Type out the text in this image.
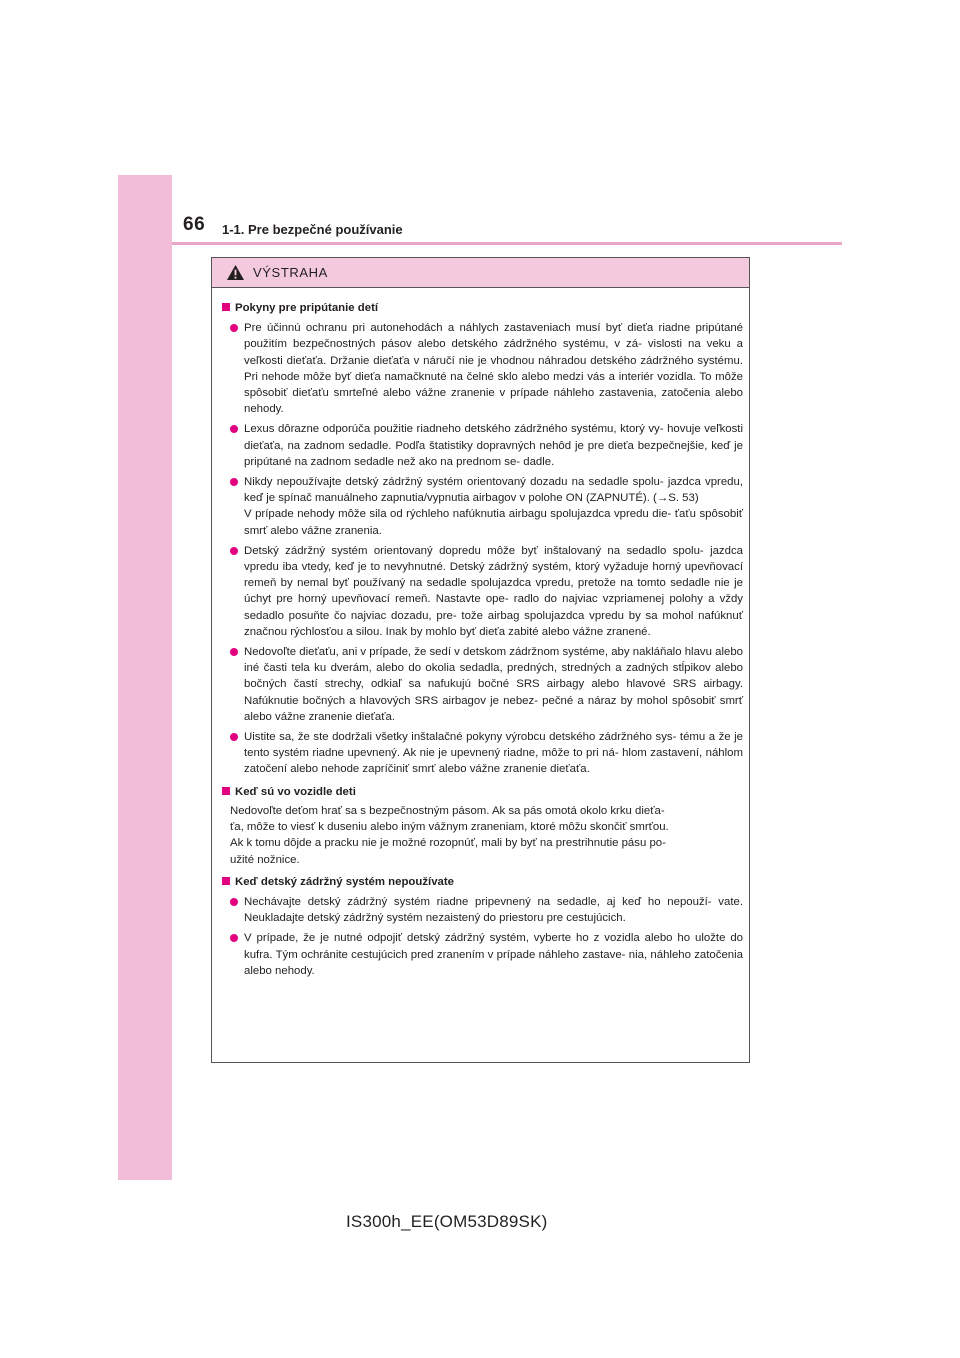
66 1-1. Pre bezpečné používanie
VÝSTRAHA
Pokyny pre pripútanie detí
Pre účinnú ochranu pri autonehodách a náhlych zastaveniach musí byť dieťa riadne pripútané použitím bezpečnostných pásov alebo detského zádržného systému, v zá- vislosti na veku a veľkosti dieťaťa. Držanie dieťaťa v náručí nie je vhodnou náhradou detského zádržného systému. Pri nehode môže byť dieťa namačknuté na čelné sklo alebo medzi vás a interiér vozidla. To môže spôsobiť dieťaťu smrteľné alebo vážne zranenie v prípade náhleho zastavenia, zatočenia alebo nehody.
Lexus dôrazne odporúča použitie riadneho detského zádržného systému, ktorý vy- hovuje veľkosti dieťaťa, na zadnom sedadle. Podľa štatistiky dopravných nehôd je pre dieťa bezpečnejšie, keď je pripútané na zadnom sedadle než ako na prednom se- dadle.
Nikdy nepoužívajte detský zádržný systém orientovaný dozadu na sedadle spolu- jazdca vpredu, keď je spínač manuálneho zapnutia/vypnutia airbagov v polohe ON (ZAPNUTÉ). (→S. 53)
V prípade nehody môže sila od rýchleho nafúknutia airbagu spolujazdca vpredu die- ťaťu spôsobiť smrť alebo vážne zranenia.
Detský zádržný systém orientovaný dopredu môže byť inštalovaný na sedadlo spolu- jazdca vpredu iba vtedy, keď je to nevyhnutné. Detský zádržný systém, ktorý vyžaduje horný upevňovací remeň by nemal byť používaný na sedadle spolujazdca vpredu, pretože na tomto sedadle nie je úchyt pre horný upevňovací remeň. Nastavte ope- radlo do najviac vzpriamenej polohy a vždy sedadlo posuňte čo najviac dozadu, pre- tože airbag spolujazdca vpredu by sa mohol nafúknuť značnou rýchlosťou a silou. Inak by mohlo byť dieťa zabité alebo vážne zranené.
Nedovoľte dieťaťu, ani v prípade, že sedí v detskom zádržnom systéme, aby nakláňalo hlavu alebo iné časti tela ku dverám, alebo do okolia sedadla, predných, stredných a zadných stĺpikov alebo bočných častí strechy, odkiaľ sa nafukujú bočné SRS airbagy alebo hlavové SRS airbagy. Nafúknutie bočných a hlavových SRS airbagov je nebez- pečné a náraz by mohol spôsobiť smrť alebo vážne zranenie dieťaťa.
Uistite sa, že ste dodržali všetky inštalačné pokyny výrobcu detského zádržného sys- tému a že je tento systém riadne upevnený. Ak nie je upevnený riadne, môže to pri ná- hlom zastavení, náhlom zatočení alebo nehode zapríčiniť smrť alebo vážne zranenie dieťaťa.
Keď sú vo vozidle deti
Nedovoľte deťom hrať sa s bezpečnostným pásom. Ak sa pás omotá okolo krku dieťa-
ťa, môže to viesť k duseniu alebo iným vážnym zraneniam, ktoré môžu skončiť smrťou.
Ak k tomu dôjde a pracku nie je možné rozopnúť, mali by byť na prestrihnutie pásu po-
užité nožnice.
Keď detský zádržný systém nepoužívate
Nechávajte detský zádržný systém riadne pripevnený na sedadle, aj keď ho nepouží- vate. Neukladajte detský zádržný systém nezaistený do priestoru pre cestujúcich.
V prípade, že je nutné odpojiť detský zádržný systém, vyberte ho z vozidla alebo ho uložte do kufra. Tým ochránite cestujúcich pred zranením v prípade náhleho zastave- nia, náhleho zatočenia alebo nehody.
IS300h_EE(OM53D89SK)
